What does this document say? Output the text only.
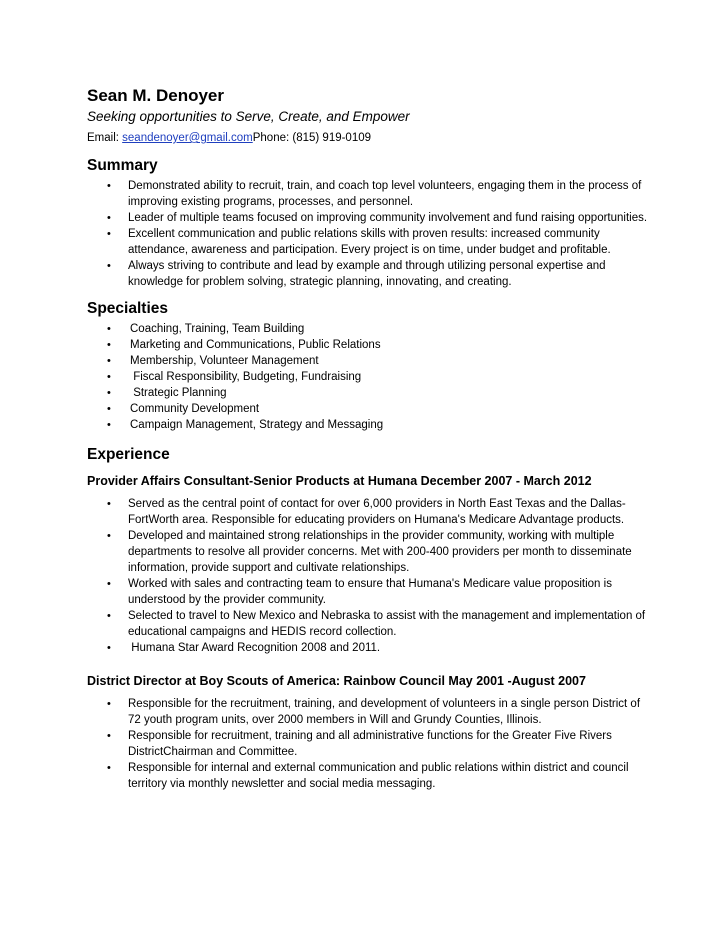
Sean M. Denoyer

Seeking opportunities to Serve, Create, and Empower

Email: seandenoyer@gmail.comPhone: (815) 919-0109

Summary
• Demonstrated ability to recruit, train, and coach top level volunteers, engaging them in the process of improving existing programs, processes, and personnel.
• Leader of multiple teams focused on improving community involvement and fund raising opportunities.
• Excellent communication and public relations skills with proven results: increased community attendance, awareness and participation. Every project is on time, under budget and profitable.
• Always striving to contribute and lead by example and through utilizing personal expertise and knowledge for problem solving, strategic planning, innovating, and creating.
Specialties
• Coaching, Training, Team Building
• Marketing and Communications, Public Relations
• Membership, Volunteer Management
• Fiscal Responsibility, Budgeting, Fundraising
• Strategic Planning
• Community Development
• Campaign Management, Strategy and Messaging
Experience
Provider Affairs Consultant-Senior Products at Humana December 2007 - March 2012
• Served as the central point of contact for over 6,000 providers in North East Texas and the Dallas-FortWorth area. Responsible for educating providers on Humana's Medicare Advantage products.
• Developed and maintained strong relationships in the provider community, working with multiple departments to resolve all provider concerns. Met with 200-400 providers per month to disseminate information, provide support and cultivate relationships.
• Worked with sales and contracting team to ensure that Humana's Medicare value proposition is understood by the provider community.
• Selected to travel to New Mexico and Nebraska to assist with the management and implementation of educational campaigns and HEDIS record collection.
• Humana Star Award Recognition 2008 and 2011.
District Director at Boy Scouts of America: Rainbow Council May 2001 -August 2007
• Responsible for the recruitment, training, and development of volunteers in a single person District of 72 youth program units, over 2000 members in Will and Grundy Counties, Illinois.
• Responsible for recruitment, training and all administrative functions for the Greater Five Rivers DistrictChairman and Committee.
• Responsible for internal and external communication and public relations within district and council territory via monthly newsletter and social media messaging.
